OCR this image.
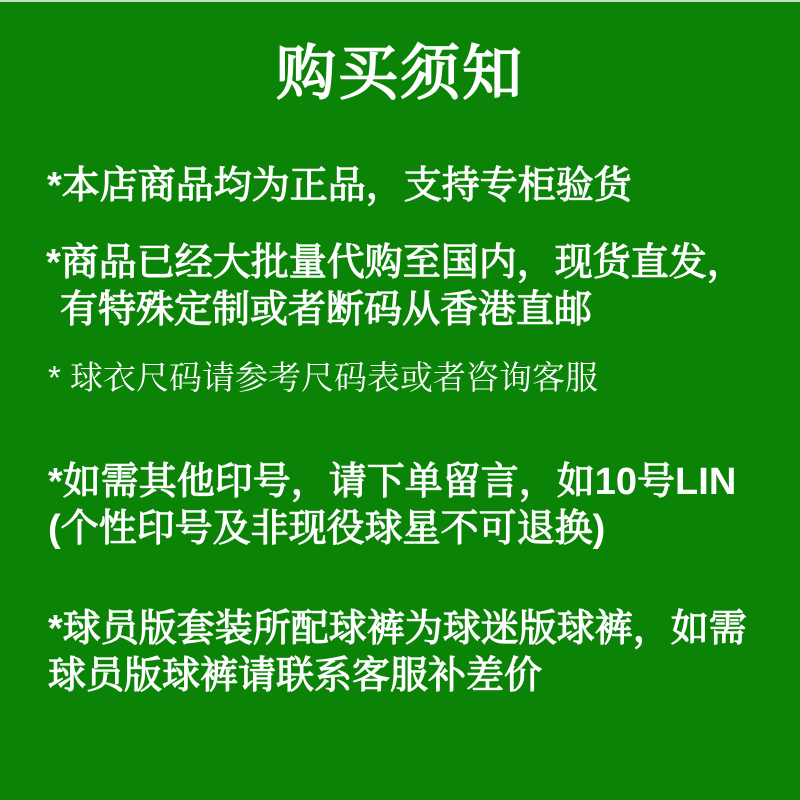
购买须知
*本店商品均为正品，支持专柜验货
*商品已经大批量代购至国内，现货直发，
有特殊定制或者断码从香港直邮
* 球衣尺码请参考尺码表或者咨询客服
*如需其他印号，请下单留言，如10号LIN
(个性印号及非现役球星不可退换)
*球员版套装所配球裤为球迷版球裤，如需
球员版球裤请联系客服补差价
